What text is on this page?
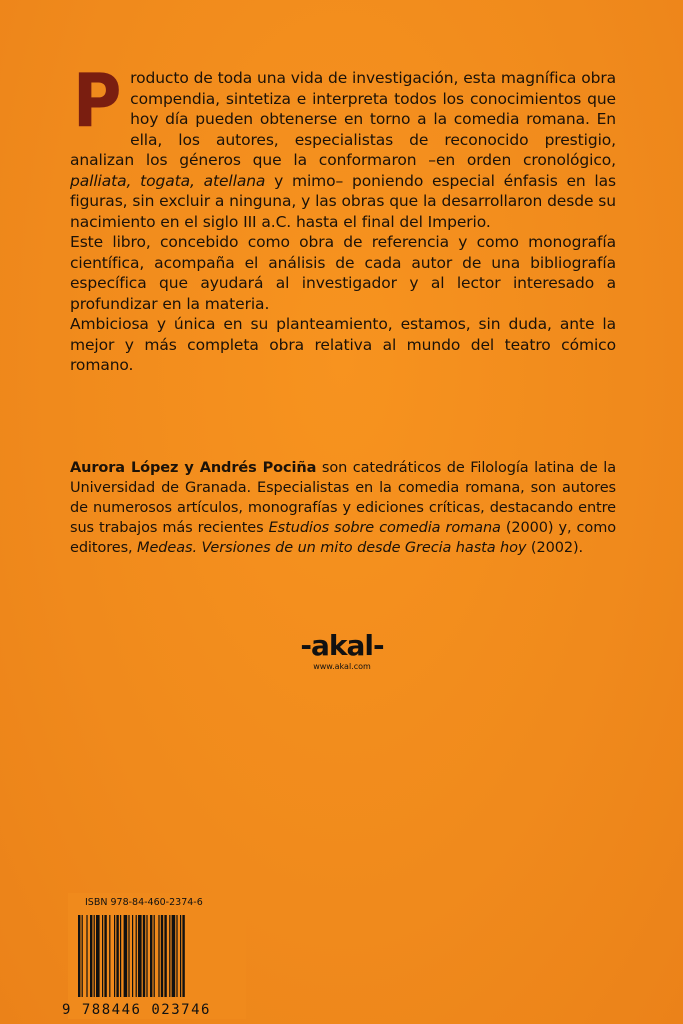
Producto de toda una vida de investigación, esta magnífica obra compendia, sintetiza e interpreta todos los conocimientos que hoy día pueden obtenerse en torno a la comedia romana. En ella, los autores, especialistas de reconocido prestigio, analizan los géneros que la conformaron –en orden cronológico, palliata, togata, atellana y mimo– poniendo especial énfasis en las figuras, sin excluir a ninguna, y las obras que la desarrollaron desde su nacimiento en el siglo III a.C. hasta el final del Imperio.

Este libro, concebido como obra de referencia y como monografía científica, acompaña el análisis de cada autor de una bibliografía específica que ayudará al investigador y al lector interesado a profundizar en la materia.

Ambiciosa y única en su planteamiento, estamos, sin duda, ante la mejor y más completa obra relativa al mundo del teatro cómico romano.

Aurora López y Andrés Pociña son catedráticos de Filología latina de la Universidad de Granada. Especialistas en la comedia romana, son autores de numerosos artículos, monografías y ediciones críticas, destacando entre sus trabajos más recientes Estudios sobre comedia romana (2000) y, como editores, Medeas. Versiones de un mito desde Grecia hasta hoy (2002).

-akal-
www.akal.com
ISBN 978-84-460-2374-6
9 788446 023746
